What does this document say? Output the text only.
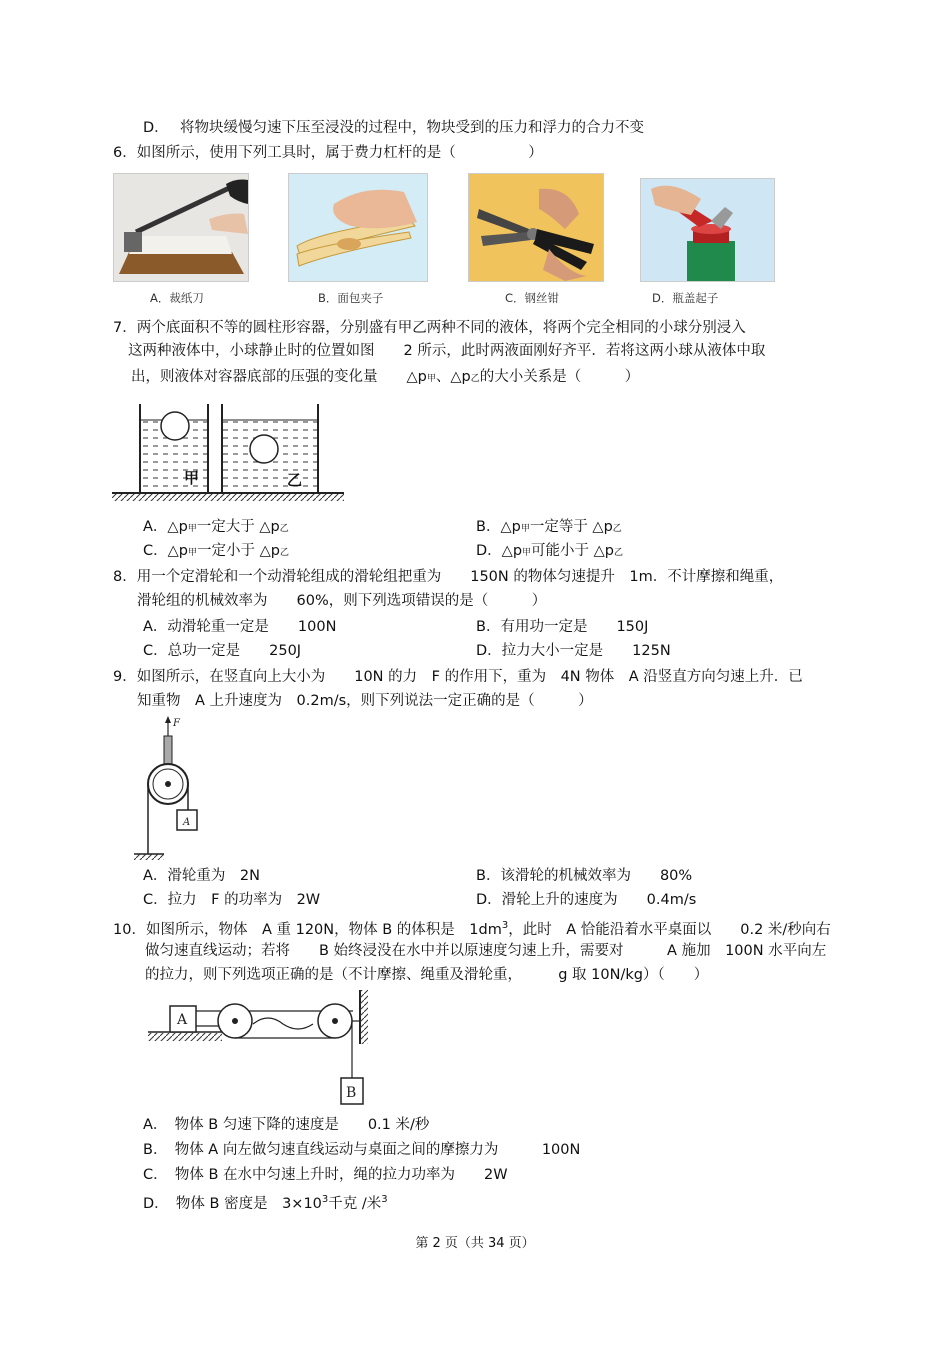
D． 将物块缓慢匀速下压至浸没的过程中，物块受到的压力和浮力的合力不变
6．如图所示，使用下列工具时，属于费力杠杆的是（　　　　　）
A．裁纸刀	B．面包夹子	C．钢丝钳	D．瓶盖起子
7．两个底面积不等的圆柱形容器，分别盛有甲乙两种不同的液体，将两个完全相同的小球分别浸入
这两种液体中，小球静止时的位置如图　　2 所示，此时两液面刚好齐平．若将这两小球从液体中取
出，则液体对容器底部的压强的变化量　　△p甲、△p乙的大小关系是（　　　）
甲	乙
A．△p甲一定大于 △p乙	B．△p甲一定等于 △p乙
C．△p甲一定小于 △p乙	D．△p甲可能小于 △p乙
8．用一个定滑轮和一个动滑轮组成的滑轮组把重为　　150N 的物体匀速提升　1m．不计摩擦和绳重，
滑轮组的机械效率为　　60%，则下列选项错误的是（　　　）
A．动滑轮重一定是　　100N	B．有用功一定是　　150J
C．总功一定是　　250J	D．拉力大小一定是　　125N
9．如图所示，在竖直向上大小为　　10N 的力　F 的作用下，重为　4N 物体　A 沿竖直方向匀速上升．已
知重物　A 上升速度为　0.2m/s，则下列说法一定正确的是（　　　）
F
A
A．滑轮重为　2N	B．该滑轮的机械效率为　　80%
C．拉力　F 的功率为　2W	D．滑轮上升的速度为　　0.4m/s
10．如图所示，物体　A 重 120N，物体 B 的体积是　$1dm^3$，此时　A 恰能沿着水平桌面以　　0.2 米/秒向右
做匀速直线运动；若将　　B 始终浸没在水中并以原速度匀速上升，需要对　　　A 施加　100N 水平向左
的拉力，则下列选项正确的是（不计摩擦、绳重及滑轮重，　　　g 取 10N/kg）（　　）
A
B
A．　物体 B 匀速下降的速度是　　0.1 米/秒
B．　物体 A 向左做匀速直线运动与桌面之间的摩擦力为　　　100N
C．　物体 B 在水中匀速上升时，绳的拉力功率为　　2W
D．　物体 B 密度是　$3\times 10^3$千克 /米$^3$
第 2 页（共 34 页）
